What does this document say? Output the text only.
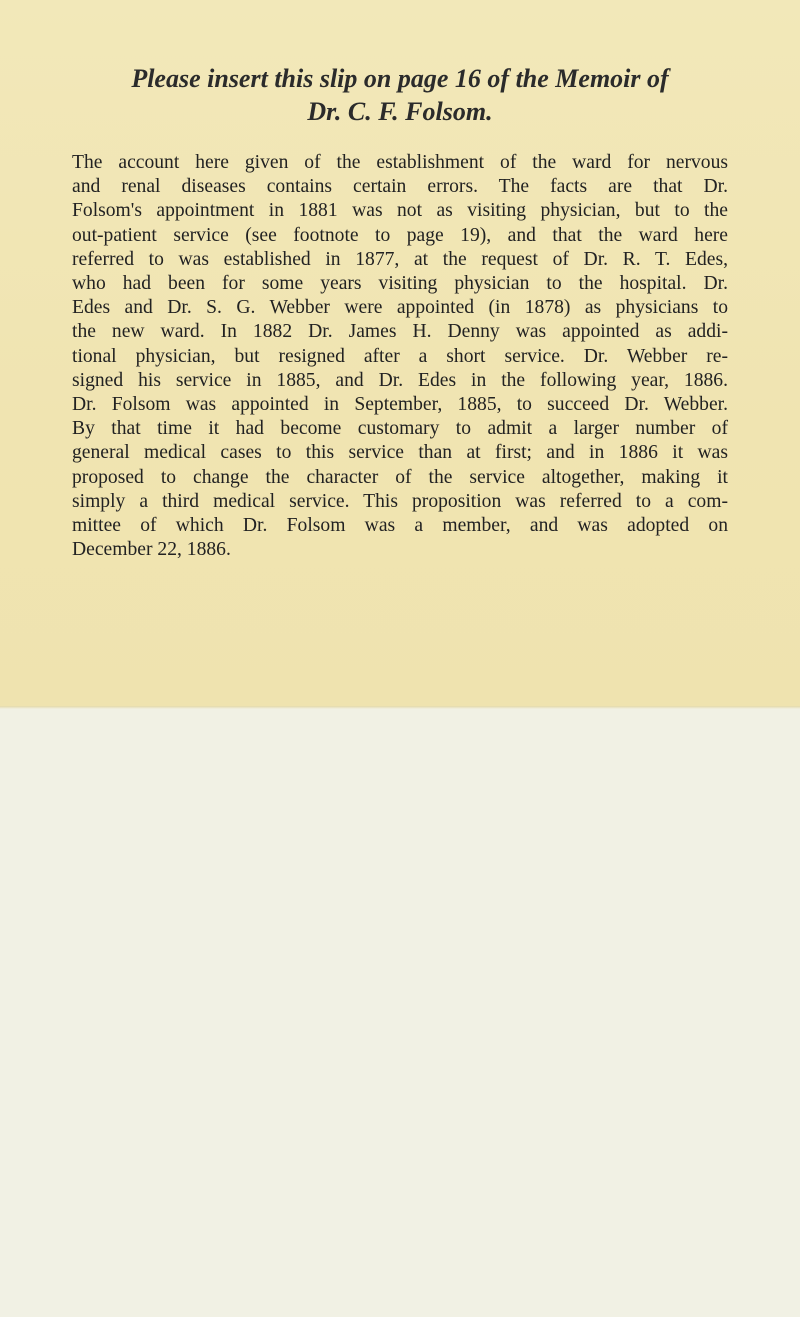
Please insert this slip on page 16 of the Memoir of
Dr. C. F. Folsom.
The account here given of the establishment of the ward for nervous
and renal diseases contains certain errors. The facts are that Dr.
Folsom's appointment in 1881 was not as visiting physician, but to the
out-patient service (see footnote to page 19), and that the ward here
referred to was established in 1877, at the request of Dr. R. T. Edes,
who had been for some years visiting physician to the hospital. Dr.
Edes and Dr. S. G. Webber were appointed (in 1878) as physicians to
the new ward. In 1882 Dr. James H. Denny was appointed as addi-
tional physician, but resigned after a short service. Dr. Webber re-
signed his service in 1885, and Dr. Edes in the following year, 1886.
Dr. Folsom was appointed in September, 1885, to succeed Dr. Webber.
By that time it had become customary to admit a larger number of
general medical cases to this service than at first; and in 1886 it was
proposed to change the character of the service altogether, making it
simply a third medical service. This proposition was referred to a com-
mittee of which Dr. Folsom was a member, and was adopted on
December 22, 1886.
